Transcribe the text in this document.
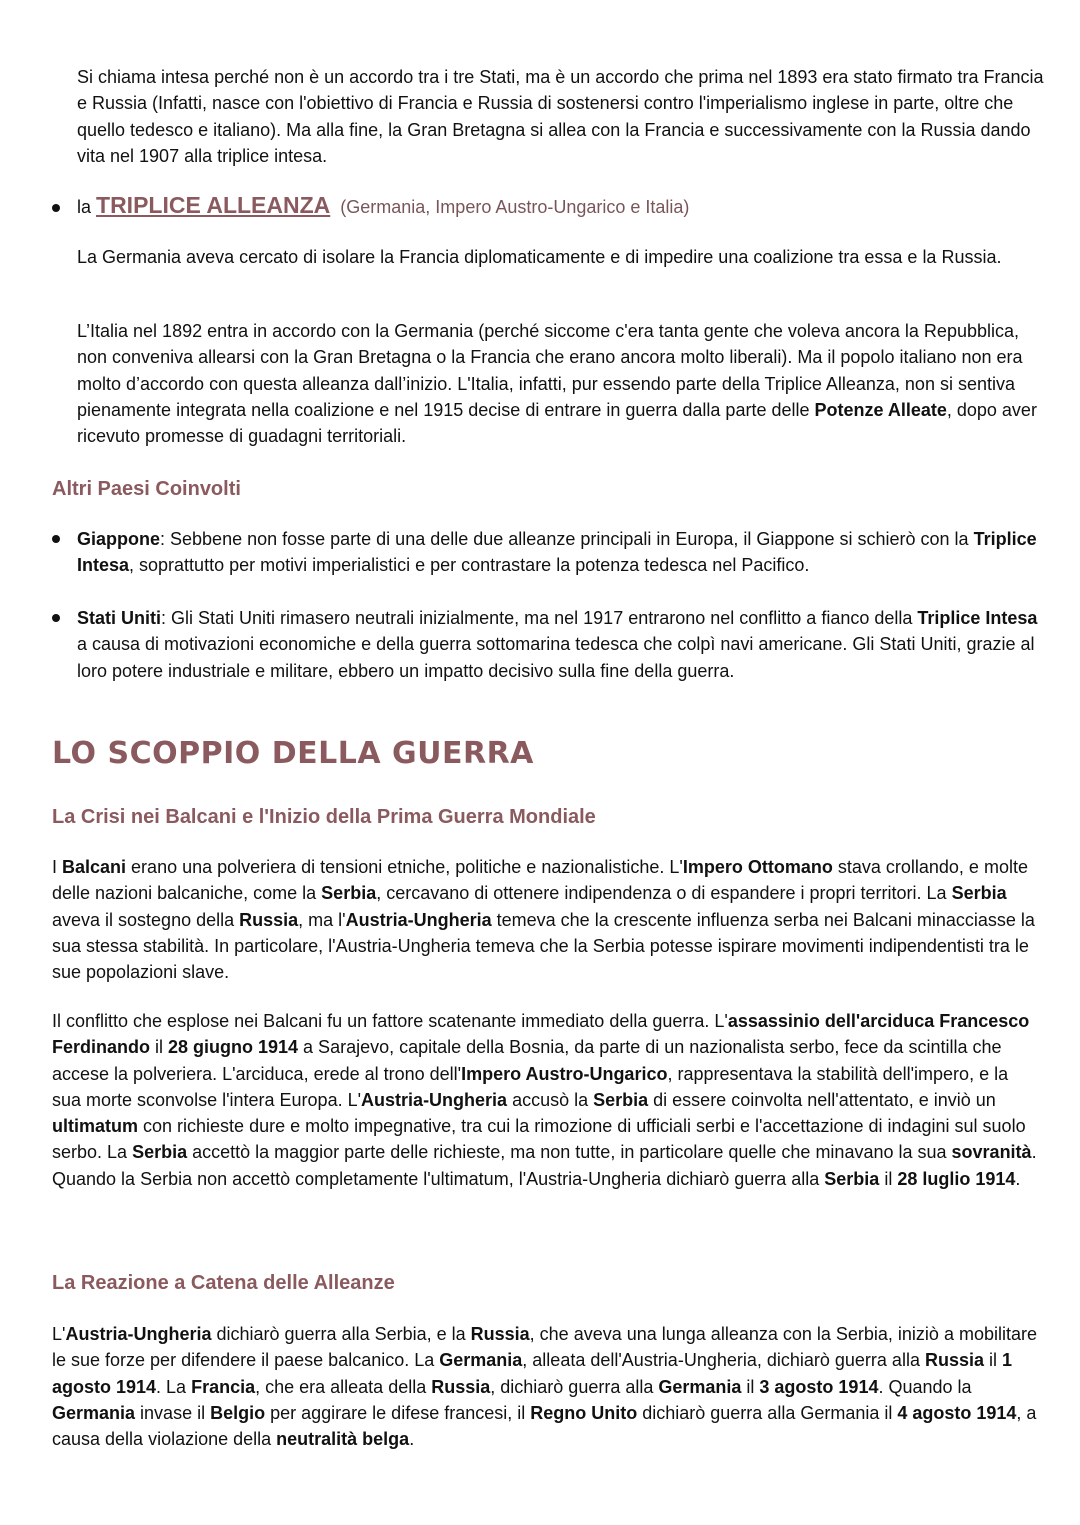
Si chiama intesa perché non è un accordo tra i tre Stati, ma è un accordo che prima nel 1893 era stato firmato tra Francia e Russia (Infatti, nasce con l'obiettivo di Francia e Russia di sostenersi contro l'imperialismo inglese in parte, oltre che quello tedesco e italiano). Ma alla fine, la Gran Bretagna si allea con la Francia e successivamente con la Russia dando vita nel 1907 alla triplice intesa.
la TRIPLICE ALLEANZA (Germania, Impero Austro-Ungarico e Italia)
La Germania aveva cercato di isolare la Francia diplomaticamente e di impedire una coalizione tra essa e la Russia.
L’Italia nel 1892 entra in accordo con la Germania (perché siccome c'era tanta gente che voleva ancora la Repubblica, non conveniva allearsi con la Gran Bretagna o la Francia che erano ancora molto liberali). Ma il popolo italiano non era molto d’accordo con questa alleanza dall’inizio. L'Italia, infatti, pur essendo parte della Triplice Alleanza, non si sentiva pienamente integrata nella coalizione e nel 1915 decise di entrare in guerra dalla parte delle Potenze Alleate, dopo aver ricevuto promesse di guadagni territoriali.
Altri Paesi Coinvolti
Giappone: Sebbene non fosse parte di una delle due alleanze principali in Europa, il Giappone si schierò con la Triplice Intesa, soprattutto per motivi imperialistici e per contrastare la potenza tedesca nel Pacifico.
Stati Uniti: Gli Stati Uniti rimasero neutrali inizialmente, ma nel 1917 entrarono nel conflitto a fianco della Triplice Intesa a causa di motivazioni economiche e della guerra sottomarina tedesca che colpì navi americane. Gli Stati Uniti, grazie al loro potere industriale e militare, ebbero un impatto decisivo sulla fine della guerra.
LO SCOPPIO DELLA GUERRA
La Crisi nei Balcani e l'Inizio della Prima Guerra Mondiale
I Balcani erano una polveriera di tensioni etniche, politiche e nazionalistiche. L'Impero Ottomano stava crollando, e molte delle nazioni balcaniche, come la Serbia, cercavano di ottenere indipendenza o di espandere i propri territori. La Serbia aveva il sostegno della Russia, ma l'Austria-Ungheria temeva che la crescente influenza serba nei Balcani minacciasse la sua stessa stabilità. In particolare, l'Austria-Ungheria temeva che la Serbia potesse ispirare movimenti indipendentisti tra le sue popolazioni slave.
Il conflitto che esplose nei Balcani fu un fattore scatenante immediato della guerra. L'assassinio dell'arciduca Francesco Ferdinando il 28 giugno 1914 a Sarajevo, capitale della Bosnia, da parte di un nazionalista serbo, fece da scintilla che accese la polveriera. L'arciduca, erede al trono dell'Impero Austro-Ungarico, rappresentava la stabilità dell'impero, e la sua morte sconvolse l'intera Europa. L'Austria-Ungheria accusò la Serbia di essere coinvolta nell'attentato, e inviò un ultimatum con richieste dure e molto impegnative, tra cui la rimozione di ufficiali serbi e l'accettazione di indagini sul suolo serbo. La Serbia accettò la maggior parte delle richieste, ma non tutte, in particolare quelle che minavano la sua sovranità. Quando la Serbia non accettò completamente l'ultimatum, l'Austria-Ungheria dichiarò guerra alla Serbia il 28 luglio 1914.
La Reazione a Catena delle Alleanze
L'Austria-Ungheria dichiarò guerra alla Serbia, e la Russia, che aveva una lunga alleanza con la Serbia, iniziò a mobilitare le sue forze per difendere il paese balcanico. La Germania, alleata dell'Austria-Ungheria, dichiarò guerra alla Russia il 1 agosto 1914. La Francia, che era alleata della Russia, dichiarò guerra alla Germania il 3 agosto 1914. Quando la Germania invase il Belgio per aggirare le difese francesi, il Regno Unito dichiarò guerra alla Germania il 4 agosto 1914, a causa della violazione della neutralità belga.
